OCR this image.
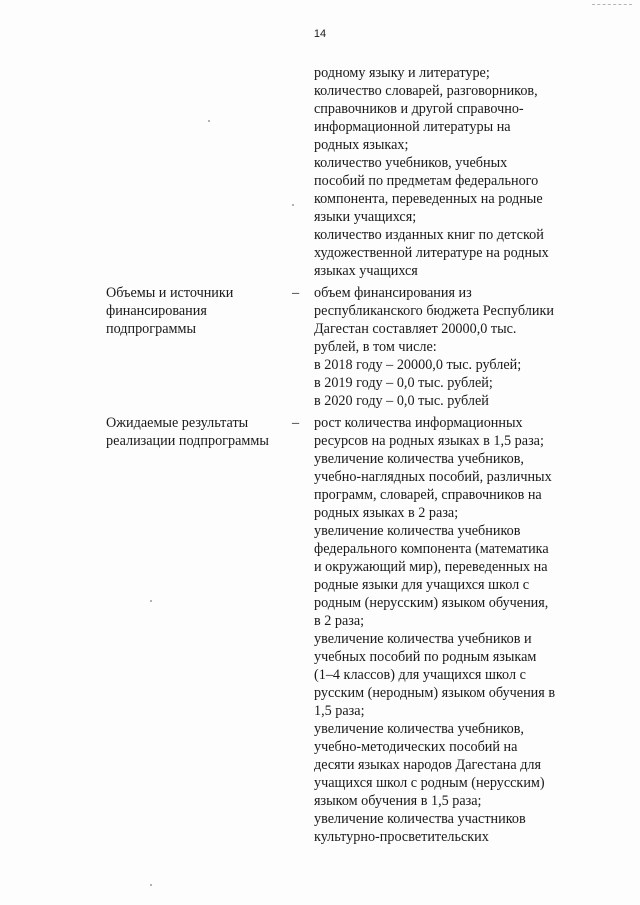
14
родному языку и литературе;
количество словарей, разговорников,
справочников и другой справочно-
информационной литературы на
родных языках;
количество учебников, учебных
пособий по предметам федерального
компонента, переведенных на родные
языки учащихся;
количество изданных книг по детской
художественной литературе на родных
языках учащихся
Объемы и источники
финансирования
подпрограммы
– объем финансирования из
республиканского бюджета Республики
Дагестан составляет 20000,0 тыс.
рублей, в том числе:
в 2018 году – 20000,0 тыс. рублей;
в 2019 году – 0,0 тыс. рублей;
в 2020 году – 0,0 тыс. рублей
Ожидаемые результаты
реализации подпрограммы
– рост количества информационных
ресурсов на родных языках в 1,5 раза;
увеличение количества учебников,
учебно-наглядных пособий, различных
программ, словарей, справочников на
родных языках в 2 раза;
увеличение количества учебников
федерального компонента (математика
и окружающий мир), переведенных на
родные языки для учащихся школ с
родным (нерусским) языком обучения,
в 2 раза;
увеличение количества учебников и
учебных пособий по родным языкам
(1–4 классов) для учащихся школ с
русским (неродным) языком обучения в
1,5 раза;
увеличение количества учебников,
учебно-методических пособий на
десяти языках народов Дагестана для
учащихся школ с родным (нерусским)
языком обучения в 1,5 раза;
увеличение количества участников
культурно-просветительских
